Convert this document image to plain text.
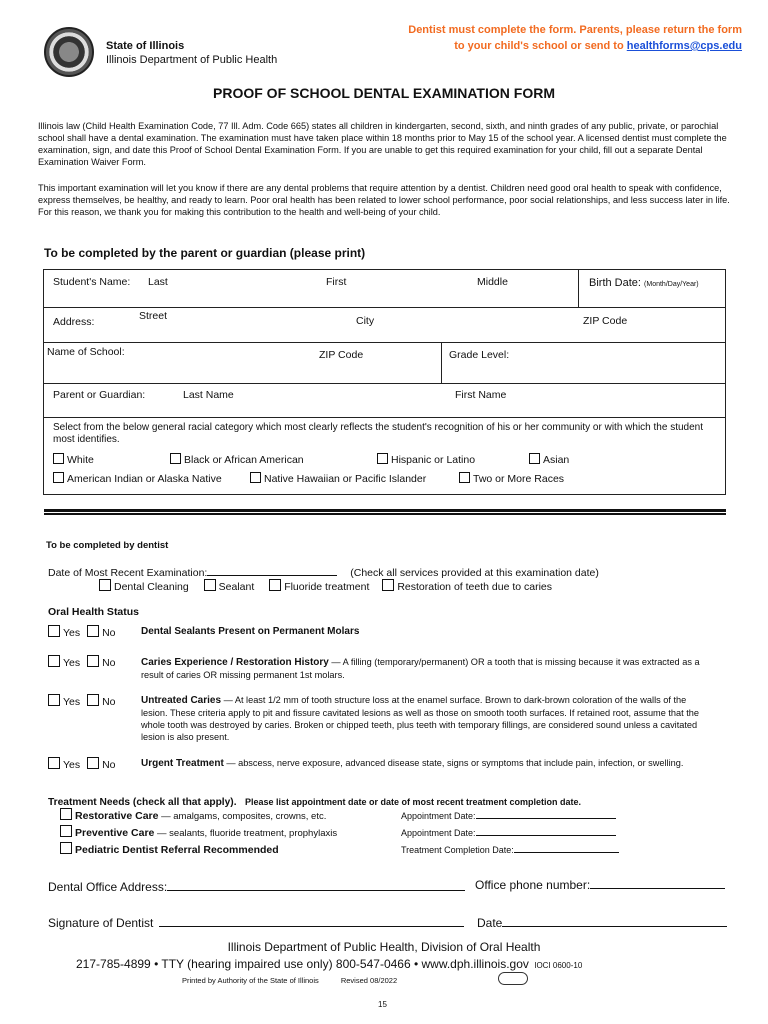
State of Illinois
Illinois Department of Public Health
Dentist must complete the form. Parents, please return the form
to your child's school or send to healthforms@cps.edu
PROOF OF SCHOOL DENTAL EXAMINATION FORM
Illinois law (Child Health Examination Code, 77 Ill. Adm. Code 665) states all children in kindergarten, second, sixth, and ninth grades of any public, private, or parochial school shall have a dental examination. The examination must have taken place within 18 months prior to May 15 of the school year. A licensed dentist must complete the examination, sign, and date this Proof of School Dental Examination Form. If you are unable to get this required examination for your child, fill out a separate Dental Examination Waiver Form.
This important examination will let you know if there are any dental problems that require attention by a dentist. Children need good oral health to speak with confidence, express themselves, be healthy, and ready to learn. Poor oral health has been related to lower school performance, poor social relationships, and less success later in life. For this reason, we thank you for making this contribution to the health and well-being of your child.
To be completed by the parent or guardian (please print)
Student's Name: Last	First	Middle	Birth Date: (Month/Day/Year)
Address:	Street	City	ZIP Code
Name of School:	ZIP Code	Grade Level:
Parent or Guardian:	Last Name	First Name
Select from the below general racial category which most clearly reflects the student's recognition of his or her community or with which the student most identifies.
White	Black or African American	Hispanic or Latino	Asian
American Indian or Alaska Native	Native Hawaiian or Pacific Islander	Two or More Races
To be completed by dentist
Date of Most Recent Examination:	(Check all services provided at this examination date)
Dental Cleaning	Sealant	Fluoride treatment	Restoration of teeth due to caries
Oral Health Status
Yes No	Dental Sealants Present on Permanent Molars
Yes No	Caries Experience / Restoration History — A filling (temporary/permanent) OR a tooth that is missing because it was extracted as a result of caries OR missing permanent 1st molars.
Yes No	Untreated Caries — At least 1/2 mm of tooth structure loss at the enamel surface. Brown to dark-brown coloration of the walls of the lesion. These criteria apply to pit and fissure cavitated lesions as well as those on smooth tooth surfaces. If retained root, assume that the whole tooth was destroyed by caries. Broken or chipped teeth, plus teeth with temporary fillings, are considered sound unless a cavitated lesion is also present.
Yes No	Urgent Treatment — abscess, nerve exposure, advanced disease state, signs or symptoms that include pain, infection, or swelling.
Treatment Needs (check all that apply). Please list appointment date or date of most recent treatment completion date.
Restorative Care — amalgams, composites, crowns, etc.	Appointment Date:
Preventive Care — sealants, fluoride treatment, prophylaxis	Appointment Date:
Pediatric Dentist Referral Recommended	Treatment Completion Date:
Dental Office Address:	Office phone number:
Signature of Dentist	Date
Illinois Department of Public Health, Division of Oral Health
217-785-4899 • TTY (hearing impaired use only) 800-547-0466 • www.dph.illinois.gov IOCI 0600-10
Printed by Authority of the State of Illinois	Revised 08/2022
15
